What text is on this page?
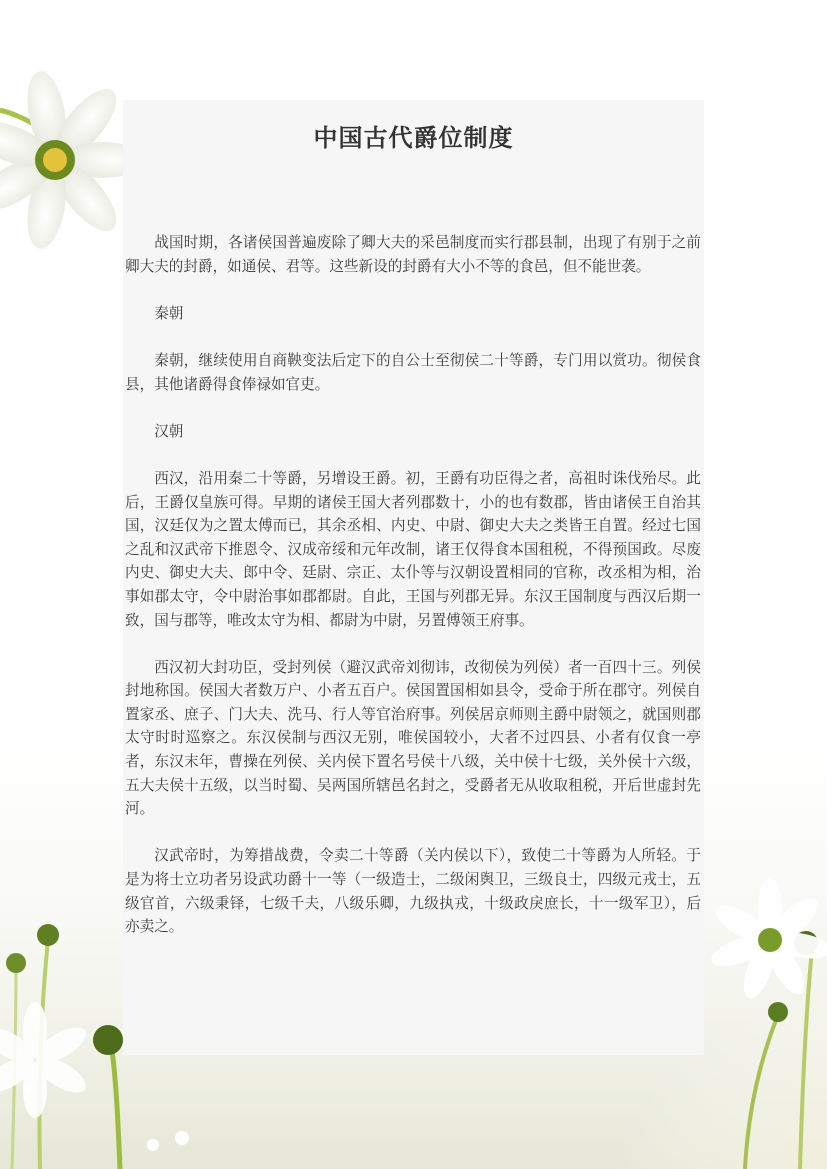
中国古代爵位制度

战国时期，各诸侯国普遍废除了卿大夫的采邑制度而实行郡县制，出现了有别于之前卿大夫的封爵，如通侯、君等。这些新设的封爵有大小不等的食邑，但不能世袭。

秦朝

秦朝，继续使用自商鞅变法后定下的自公士至彻侯二十等爵，专门用以赏功。彻侯食县，其他诸爵得食俸禄如官吏。

汉朝

西汉，沿用秦二十等爵，另增设王爵。初，王爵有功臣得之者，高祖时诛伐殆尽。此后，王爵仅皇族可得。早期的诸侯王国大者列郡数十，小的也有数郡，皆由诸侯王自治其国，汉廷仅为之置太傅而已，其余丞相、内史、中尉、御史大夫之类皆王自置。经过七国之乱和汉武帝下推恩令、汉成帝绥和元年改制，诸王仅得食本国租税，不得预国政。尽废内史、御史大夫、郎中令、廷尉、宗正、太仆等与汉朝设置相同的官称，改丞相为相，治事如郡太守，令中尉治事如郡都尉。自此，王国与列郡无异。东汉王国制度与西汉后期一致，国与郡等，唯改太守为相、都尉为中尉，另置傅领王府事。

西汉初大封功臣，受封列侯（避汉武帝刘彻讳，改彻侯为列侯）者一百四十三。列侯封地称国。侯国大者数万户、小者五百户。侯国置国相如县令，受命于所在郡守。列侯自置家丞、庶子、门大夫、洗马、行人等官治府事。列侯居京师则主爵中尉领之，就国则郡太守时时巡察之。东汉侯制与西汉无别，唯侯国较小，大者不过四县、小者有仅食一亭者，东汉末年，曹操在列侯、关内侯下置名号侯十八级，关中侯十七级，关外侯十六级，五大夫侯十五级，以当时蜀、吴两国所辖邑名封之，受爵者无从收取租税，开后世虚封先河。

汉武帝时，为筹措战费，令卖二十等爵（关内侯以下），致使二十等爵为人所轻。于是为将士立功者另设武功爵十一等（一级造士，二级闲舆卫，三级良士，四级元戎士，五级官首，六级秉铎，七级千夫，八级乐卿，九级执戎，十级政戾庶长，十一级军卫），后亦卖之。
